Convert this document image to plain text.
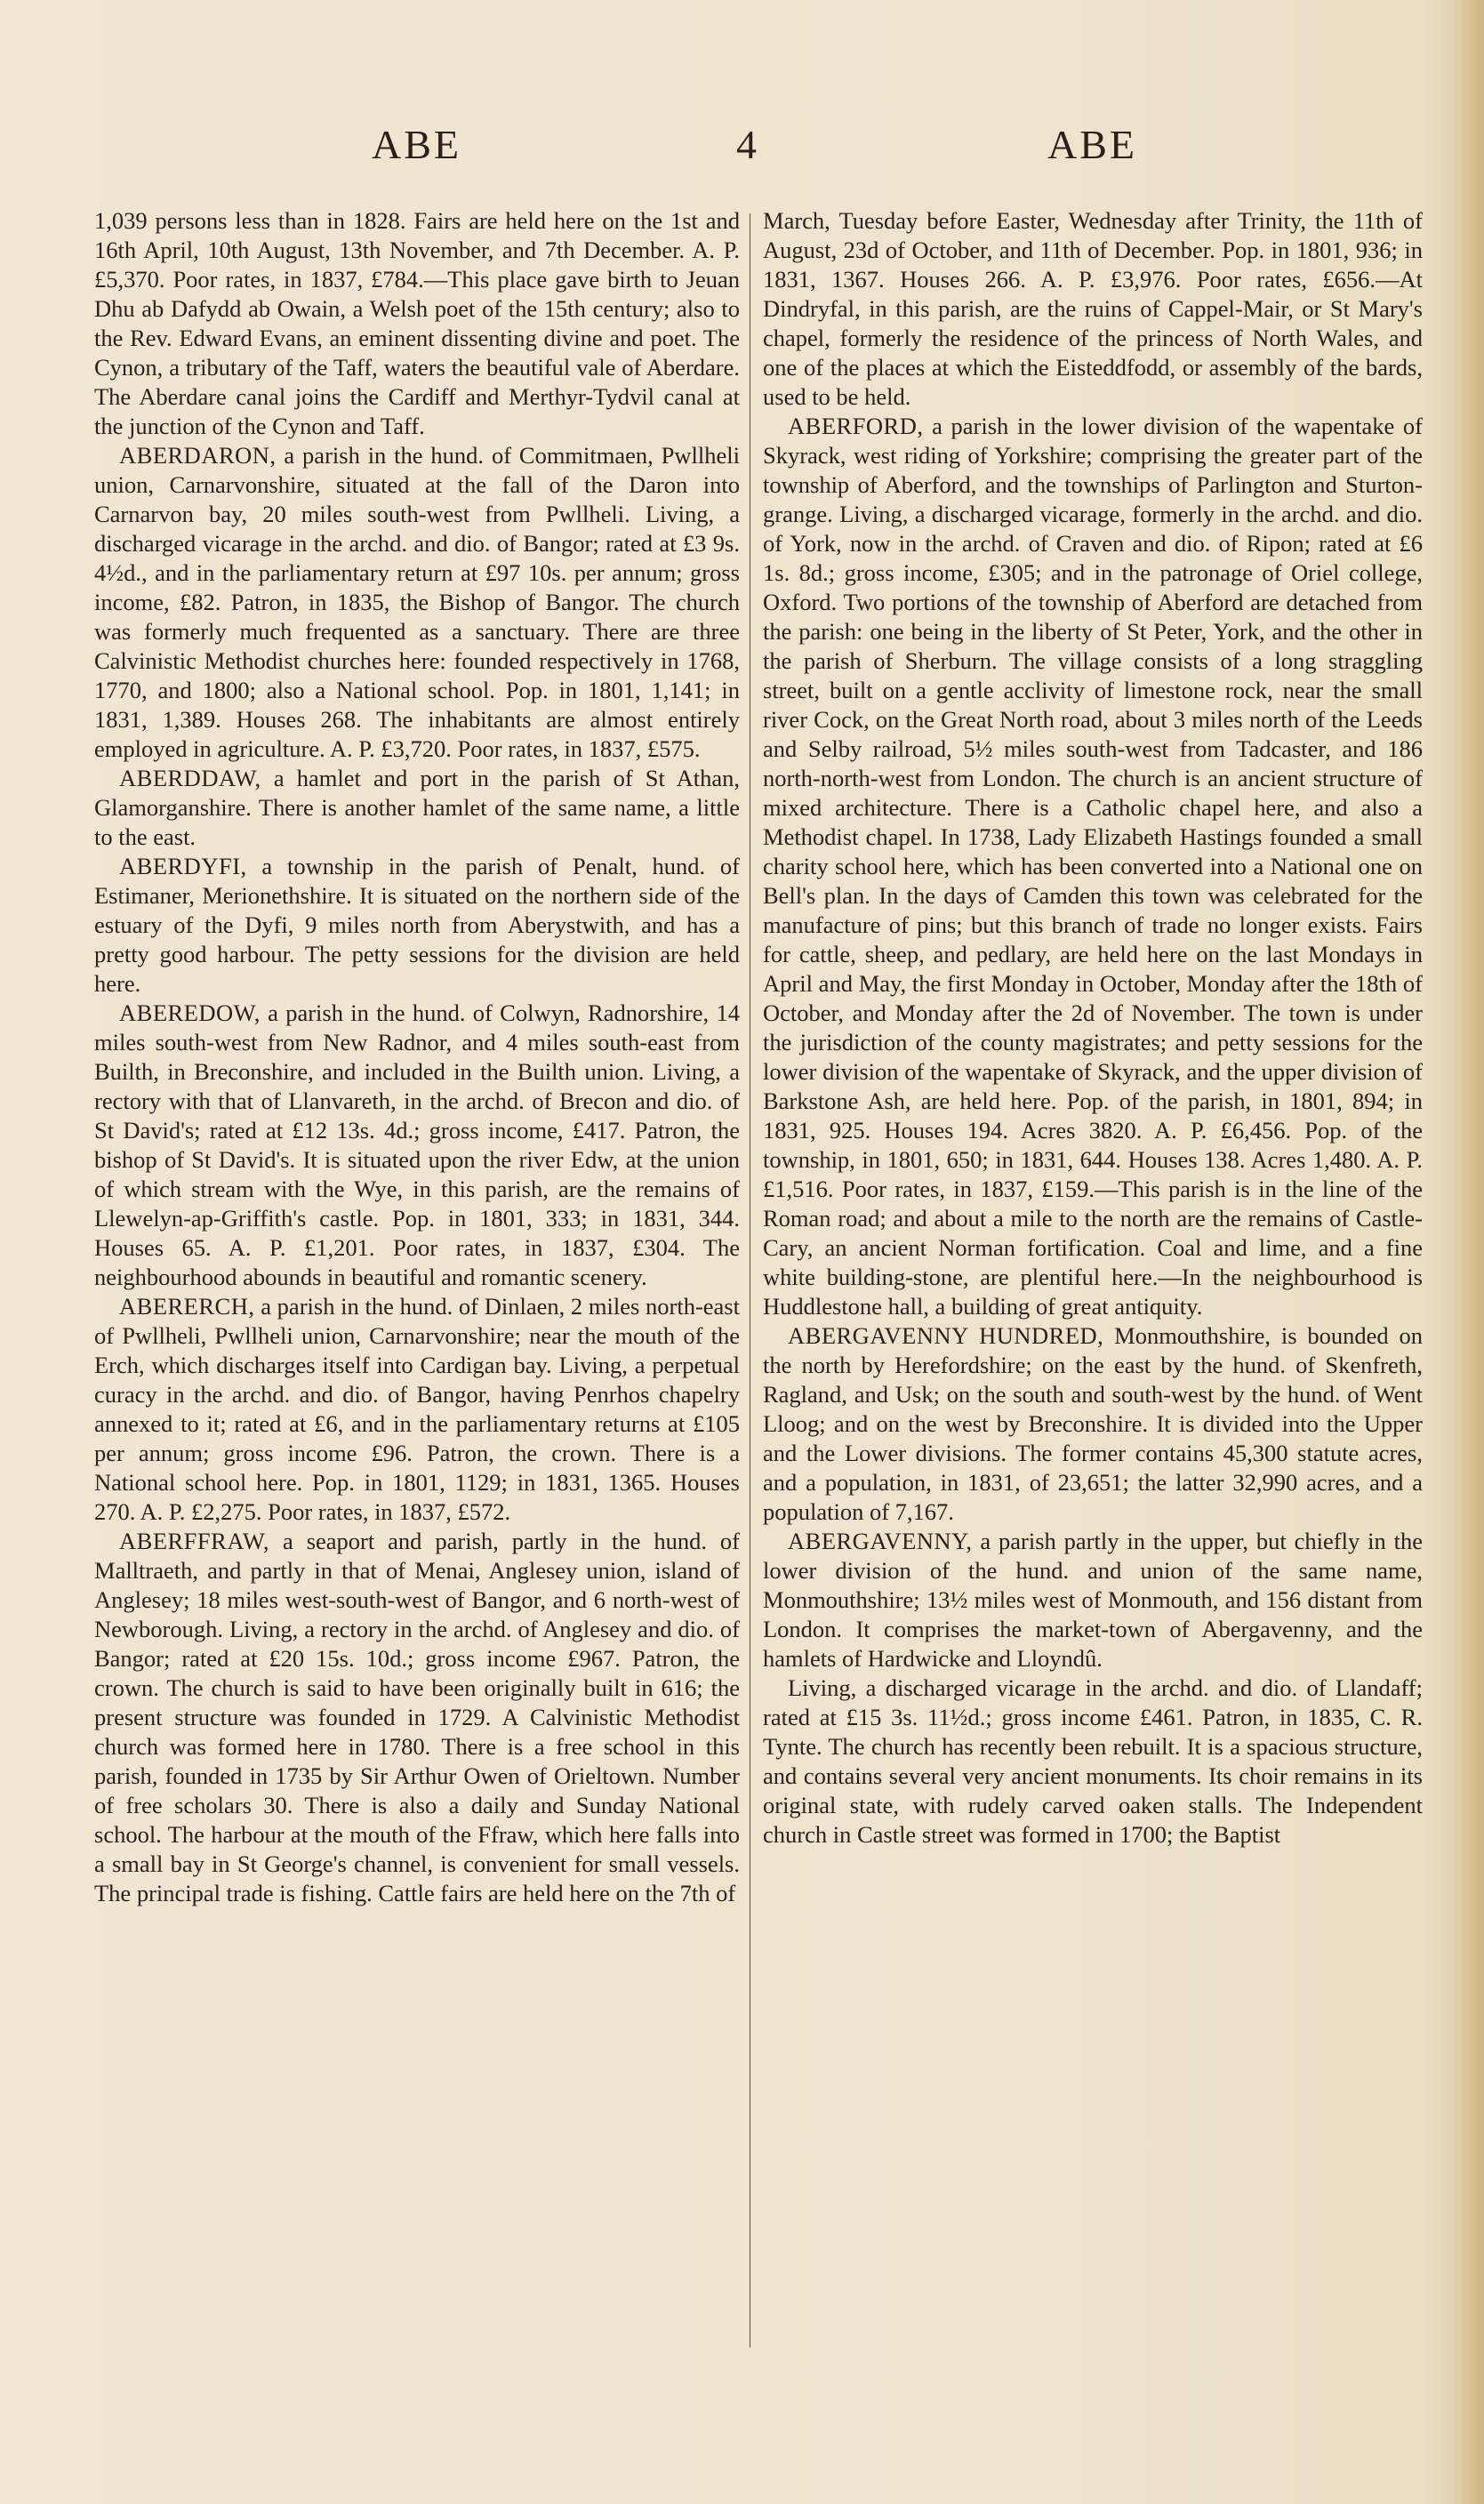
ABE	4	ABE

1,039 persons less than in 1828. Fairs are held here on the 1st and 16th April, 10th August, 13th November, and 7th December. A. P. £5,370. Poor rates, in 1837, £784.—This place gave birth to Jeuan Dhu ab Dafydd ab Owain, a Welsh poet of the 15th century; also to the Rev. Edward Evans, an eminent dissenting divine and poet. The Cynon, a tributary of the Taff, waters the beautiful vale of Aberdare. The Aberdare canal joins the Cardiff and Merthyr-Tydvil canal at the junction of the Cynon and Taff.

ABERDARON, a parish in the hund. of Commitmaen, Pwllheli union, Carnarvonshire, situated at the fall of the Daron into Carnarvon bay, 20 miles south-west from Pwllheli. Living, a discharged vicarage in the archd. and dio. of Bangor; rated at £3 9s. 4½d., and in the parliamentary return at £97 10s. per annum; gross income, £82. Patron, in 1835, the Bishop of Bangor. The church was formerly much frequented as a sanctuary. There are three Calvinistic Methodist churches here: founded respectively in 1768, 1770, and 1800; also a National school. Pop. in 1801, 1,141; in 1831, 1,389. Houses 268. The inhabitants are almost entirely employed in agriculture. A. P. £3,720. Poor rates, in 1837, £575.

ABERDDAW, a hamlet and port in the parish of St Athan, Glamorganshire. There is another hamlet of the same name, a little to the east.

ABERDYFI, a township in the parish of Penalt, hund. of Estimaner, Merionethshire. It is situated on the northern side of the estuary of the Dyfi, 9 miles north from Aberystwith, and has a pretty good harbour. The petty sessions for the division are held here.

ABEREDOW, a parish in the hund. of Colwyn, Radnorshire, 14 miles south-west from New Radnor, and 4 miles south-east from Builth, in Breconshire, and included in the Builth union. Living, a rectory with that of Llanvareth, in the archd. of Brecon and dio. of St David's; rated at £12 13s. 4d.; gross income, £417. Patron, the bishop of St David's. It is situated upon the river Edw, at the union of which stream with the Wye, in this parish, are the remains of Llewelyn-ap-Griffith's castle. Pop. in 1801, 333; in 1831, 344. Houses 65. A. P. £1,201. Poor rates, in 1837, £304. The neighbourhood abounds in beautiful and romantic scenery.

ABERERCH, a parish in the hund. of Dinlaen, 2 miles north-east of Pwllheli, Pwllheli union, Carnarvonshire; near the mouth of the Erch, which discharges itself into Cardigan bay. Living, a perpetual curacy in the archd. and dio. of Bangor, having Penrhos chapelry annexed to it; rated at £6, and in the parliamentary returns at £105 per annum; gross income £96. Patron, the crown. There is a National school here. Pop. in 1801, 1129; in 1831, 1365. Houses 270. A. P. £2,275. Poor rates, in 1837, £572.

ABERFFRAW, a seaport and parish, partly in the hund. of Malltraeth, and partly in that of Menai, Anglesey union, island of Anglesey; 18 miles west-south-west of Bangor, and 6 north-west of Newborough. Living, a rectory in the archd. of Anglesey and dio. of Bangor; rated at £20 15s. 10d.; gross income £967. Patron, the crown. The church is said to have been originally built in 616; the present structure was founded in 1729. A Calvinistic Methodist church was formed here in 1780. There is a free school in this parish, founded in 1735 by Sir Arthur Owen of Orieltown. Number of free scholars 30. There is also a daily and Sunday National school. The harbour at the mouth of the Ffraw, which here falls into a small bay in St George's channel, is convenient for small vessels. The principal trade is fishing. Cattle fairs are held here on the 7th of

March, Tuesday before Easter, Wednesday after Trinity, the 11th of August, 23d of October, and 11th of December. Pop. in 1801, 936; in 1831, 1367. Houses 266. A. P. £3,976. Poor rates, £656.—At Dindryfal, in this parish, are the ruins of Cappel-Mair, or St Mary's chapel, formerly the residence of the princess of North Wales, and one of the places at which the Eisteddfodd, or assembly of the bards, used to be held.

ABERFORD, a parish in the lower division of the wapentake of Skyrack, west riding of Yorkshire; comprising the greater part of the township of Aberford, and the townships of Parlington and Sturton-grange. Living, a discharged vicarage, formerly in the archd. and dio. of York, now in the archd. of Craven and dio. of Ripon; rated at £6 1s. 8d.; gross income, £305; and in the patronage of Oriel college, Oxford. Two portions of the township of Aberford are detached from the parish: one being in the liberty of St Peter, York, and the other in the parish of Sherburn. The village consists of a long straggling street, built on a gentle acclivity of limestone rock, near the small river Cock, on the Great North road, about 3 miles north of the Leeds and Selby railroad, 5½ miles south-west from Tadcaster, and 186 north-north-west from London. The church is an ancient structure of mixed architecture. There is a Catholic chapel here, and also a Methodist chapel. In 1738, Lady Elizabeth Hastings founded a small charity school here, which has been converted into a National one on Bell's plan. In the days of Camden this town was celebrated for the manufacture of pins; but this branch of trade no longer exists. Fairs for cattle, sheep, and pedlary, are held here on the last Mondays in April and May, the first Monday in October, Monday after the 18th of October, and Monday after the 2d of November. The town is under the jurisdiction of the county magistrates; and petty sessions for the lower division of the wapentake of Skyrack, and the upper division of Barkstone Ash, are held here. Pop. of the parish, in 1801, 894; in 1831, 925. Houses 194. Acres 3820. A. P. £6,456. Pop. of the township, in 1801, 650; in 1831, 644. Houses 138. Acres 1,480. A. P. £1,516. Poor rates, in 1837, £159.—This parish is in the line of the Roman road; and about a mile to the north are the remains of Castle-Cary, an ancient Norman fortification. Coal and lime, and a fine white building-stone, are plentiful here.—In the neighbourhood is Huddlestone hall, a building of great antiquity.

ABERGAVENNY HUNDRED, Monmouthshire, is bounded on the north by Herefordshire; on the east by the hund. of Skenfreth, Ragland, and Usk; on the south and south-west by the hund. of Went Lloog; and on the west by Breconshire. It is divided into the Upper and the Lower divisions. The former contains 45,300 statute acres, and a population, in 1831, of 23,651; the latter 32,990 acres, and a population of 7,167.

ABERGAVENNY, a parish partly in the upper, but chiefly in the lower division of the hund. and union of the same name, Monmouthshire; 13½ miles west of Monmouth, and 156 distant from London. It comprises the market-town of Abergavenny, and the hamlets of Hardwicke and Lloyndû.

Living, a discharged vicarage in the archd. and dio. of Llandaff; rated at £15 3s. 11½d.; gross income £461. Patron, in 1835, C. R. Tynte. The church has recently been rebuilt. It is a spacious structure, and contains several very ancient monuments. Its choir remains in its original state, with rudely carved oaken stalls. The Independent church in Castle street was formed in 1700; the Baptist
